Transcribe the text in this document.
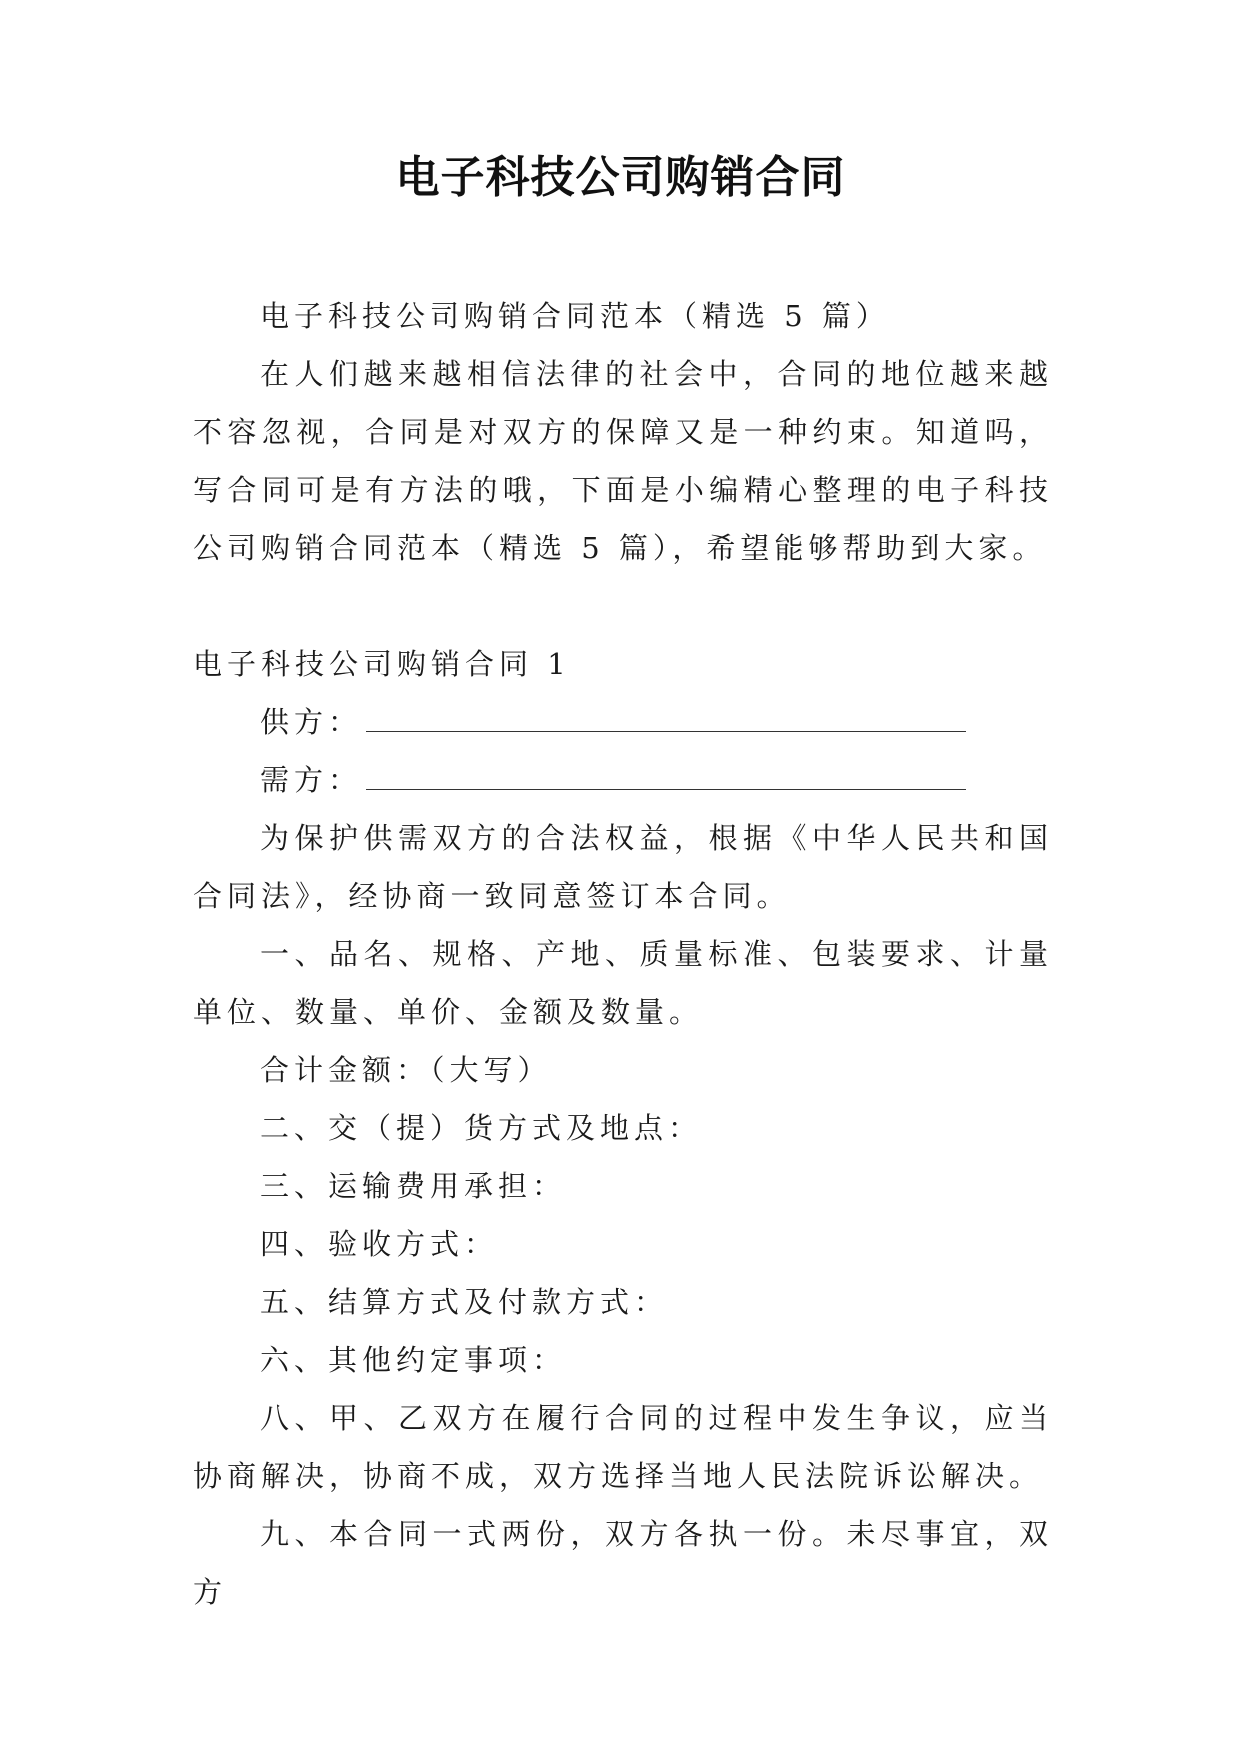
电子科技公司购销合同

电子科技公司购销合同范本（精选 5 篇）

在人们越来越相信法律的社会中，合同的地位越来越不容忽视，合同是对双方的保障又是一种约束。知道吗，写合同可是有方法的哦，下面是小编精心整理的电子科技公司购销合同范本（精选 5 篇），希望能够帮助到大家。

电子科技公司购销合同 1

供方：

需方：

为保护供需双方的合法权益，根据《中华人民共和国合同法》，经协商一致同意签订本合同。

一、品名、规格、产地、质量标准、包装要求、计量单位、数量、单价、金额及数量。

合计金额：（大写）

二、交（提）货方式及地点：

三、运输费用承担：

四、验收方式：

五、结算方式及付款方式：

六、其他约定事项：

八、甲、乙双方在履行合同的过程中发生争议，应当协商解决，协商不成，双方选择当地人民法院诉讼解决。

九、本合同一式两份，双方各执一份。未尽事宜，双方
